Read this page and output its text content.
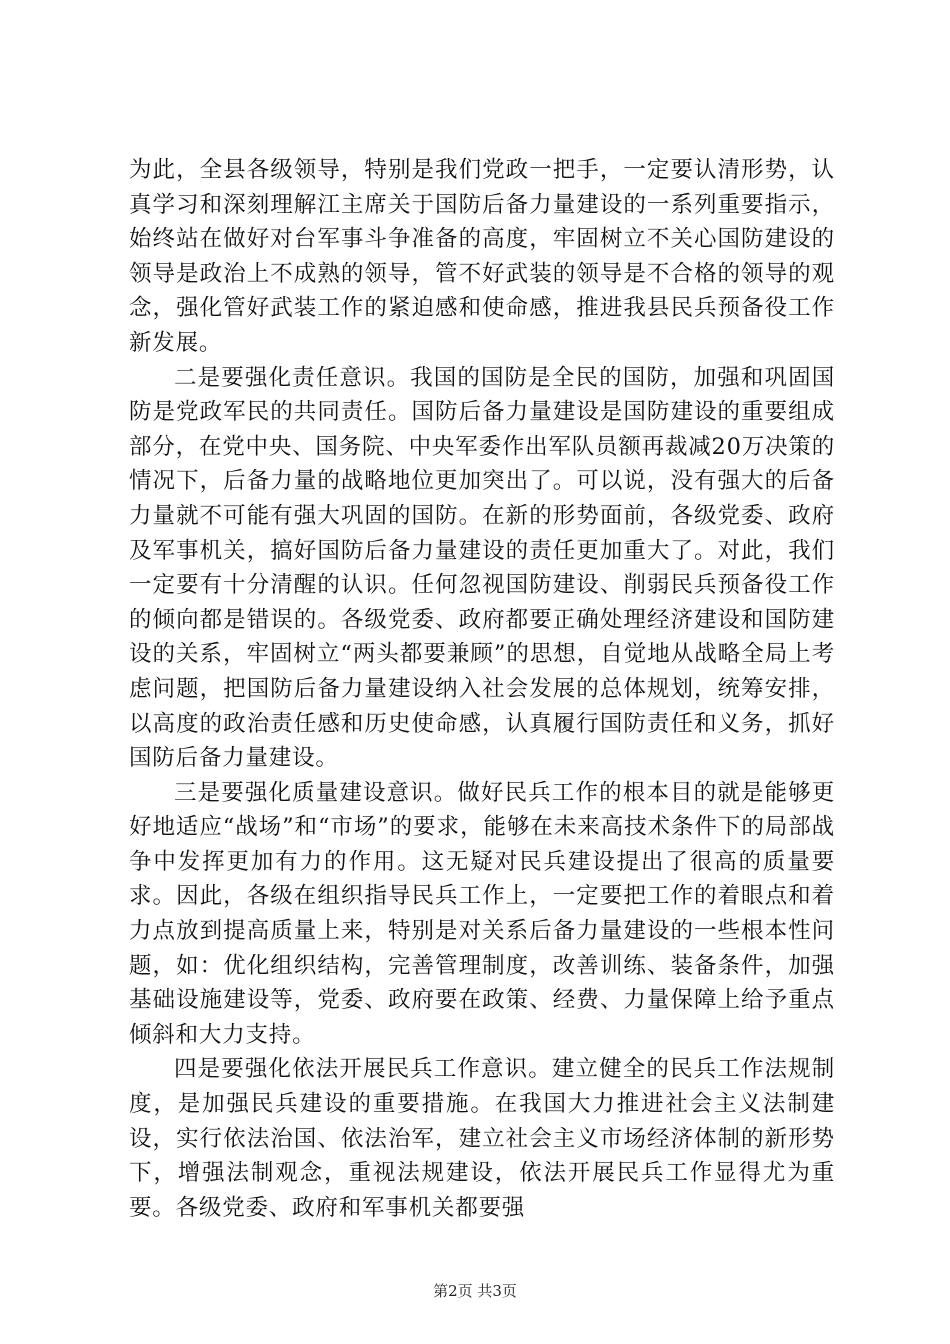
为此，全县各级领导，特别是我们党政一把手，一定要认清形势，认真学习和深刻理解江主席关于国防后备力量建设的一系列重要指示，始终站在做好对台军事斗争准备的高度，牢固树立不关心国防建设的领导是政治上不成熟的领导，管不好武装的领导是不合格的领导的观念，强化管好武装工作的紧迫感和使命感，推进我县民兵预备役工作新发展。

二是要强化责任意识。我国的国防是全民的国防，加强和巩固国防是党政军民的共同责任。国防后备力量建设是国防建设的重要组成部分，在党中央、国务院、中央军委作出军队员额再裁减20万决策的情况下，后备力量的战略地位更加突出了。可以说，没有强大的后备力量就不可能有强大巩固的国防。在新的形势面前，各级党委、政府及军事机关，搞好国防后备力量建设的责任更加重大了。对此，我们一定要有十分清醒的认识。任何忽视国防建设、削弱民兵预备役工作的倾向都是错误的。各级党委、政府都要正确处理经济建设和国防建设的关系，牢固树立“两头都要兼顾”的思想，自觉地从战略全局上考虑问题，把国防后备力量建设纳入社会发展的总体规划，统筹安排，以高度的政治责任感和历史使命感，认真履行国防责任和义务，抓好国防后备力量建设。

三是要强化质量建设意识。做好民兵工作的根本目的就是能够更好地适应“战场”和“市场”的要求，能够在未来高技术条件下的局部战争中发挥更加有力的作用。这无疑对民兵建设提出了很高的质量要求。因此，各级在组织指导民兵工作上，一定要把工作的着眼点和着力点放到提高质量上来，特别是对关系后备力量建设的一些根本性问题，如：优化组织结构，完善管理制度，改善训练、装备条件，加强基础设施建设等，党委、政府要在政策、经费、力量保障上给予重点倾斜和大力支持。

四是要强化依法开展民兵工作意识。建立健全的民兵工作法规制度，是加强民兵建设的重要措施。在我国大力推进社会主义法制建设，实行依法治国、依法治军，建立社会主义市场经济体制的新形势下，增强法制观念，重视法规建设，依法开展民兵工作显得尤为重要。各级党委、政府和军事机关都要强

第2页 共3页
